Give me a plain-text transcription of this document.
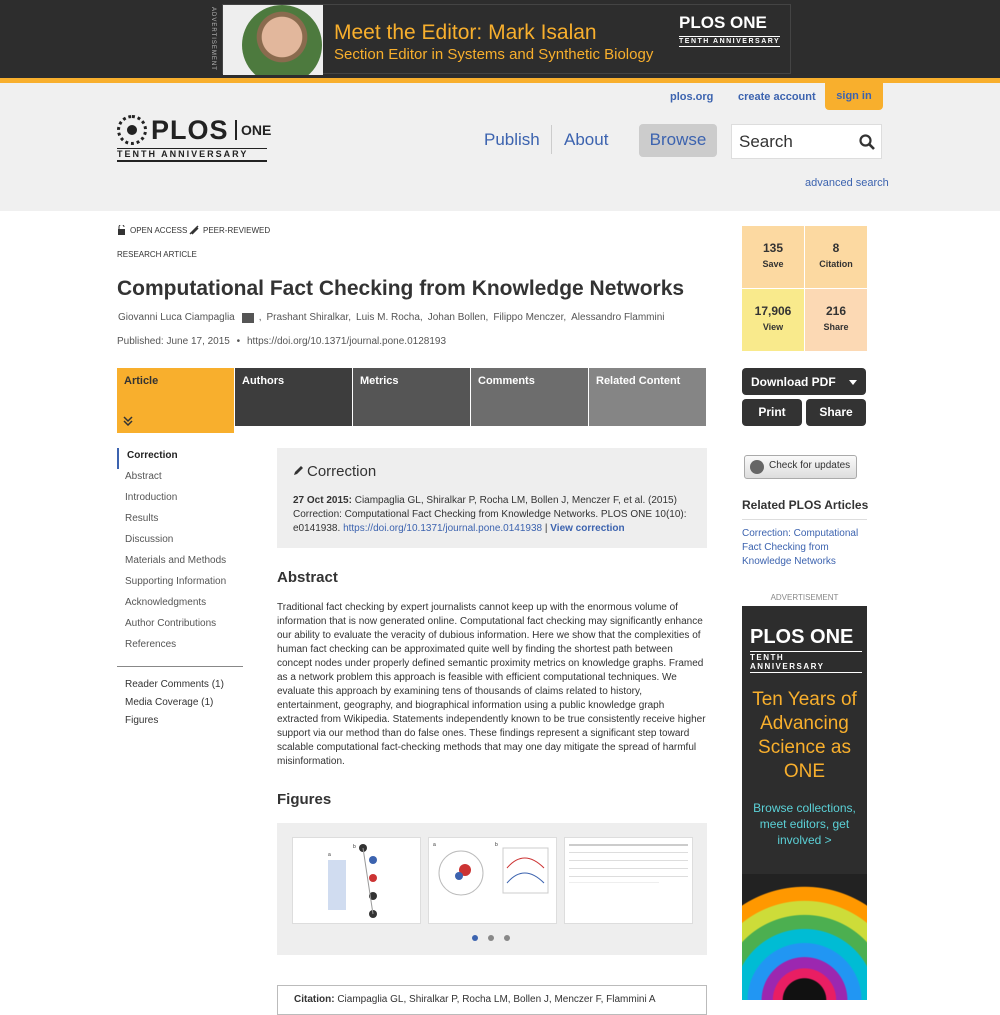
ADVERTISEMENT	Meet the Editor: Mark Isalan
Section Editor in Systems and Synthetic Biology
PLOS ONE
TENTH ANNIVERSARY
plos.org create account	sign in
PLOS ONE
TENTH ANNIVERSARY
Publish About	Browse
Search
advanced search
OPEN ACCESS PEER-REVIEWED
RESEARCH ARTICLE
Computational Fact Checking from Knowledge Networks
Giovanni Luca Ciampaglia , Prashant Shiralkar, Luis M. Rocha, Johan Bollen, Filippo Menczer, Alessandro Flammini
Published: June 17, 2015 • https://doi.org/10.1371/journal.pone.0128193
Article	Authors	Metrics	Comments	Related Content
Correction
Abstract
Introduction
Results
Discussion
Materials and Methods
Supporting Information
Acknowledgments
Author Contributions
References
Reader Comments (1)
Media Coverage (1)
Figures
Correction

27 Oct 2015: Ciampaglia GL, Shiralkar P, Rocha LM, Bollen J, Menczer F, et al. (2015) Correction: Computational Fact Checking from Knowledge Networks. PLOS ONE 10(10): e0141938. https://doi.org/10.1371/journal.pone.0141938 | View correction

Abstract

Traditional fact checking by expert journalists cannot keep up with the enormous volume of information that is now generated online. Computational fact checking may significantly enhance our ability to evaluate the veracity of dubious information. Here we show that the complexities of human fact checking can be approximated quite well by finding the shortest path between concept nodes under properly defined semantic proximity metrics on knowledge graphs. Framed as a network problem this approach is feasible with efficient computational techniques. We evaluate this approach by examining tens of thousands of claims related to history, entertainment, geography, and biographical information using a public knowledge graph extracted from Wikipedia. Statements independently known to be true consistently receive higher support via our method than do false ones. These findings represent a significant step toward scalable computational fact-checking methods that may one day mitigate the spread of harmful misinformation.

Figures
a
b	a	b
Citation: Ciampaglia GL, Shiralkar P, Rocha LM, Bollen J, Menczer F, Flammini A
135
Save
8
Citation
17,906
View
216
Share
Download PDF
Print	Share
Check for updates
Related PLOS Articles
Correction: Computational Fact Checking from Knowledge Networks
ADVERTISEMENT
PLOS ONE
TENTH ANNIVERSARY
Ten Years of Advancing Science as ONE
Browse collections, meet editors, get involved >
